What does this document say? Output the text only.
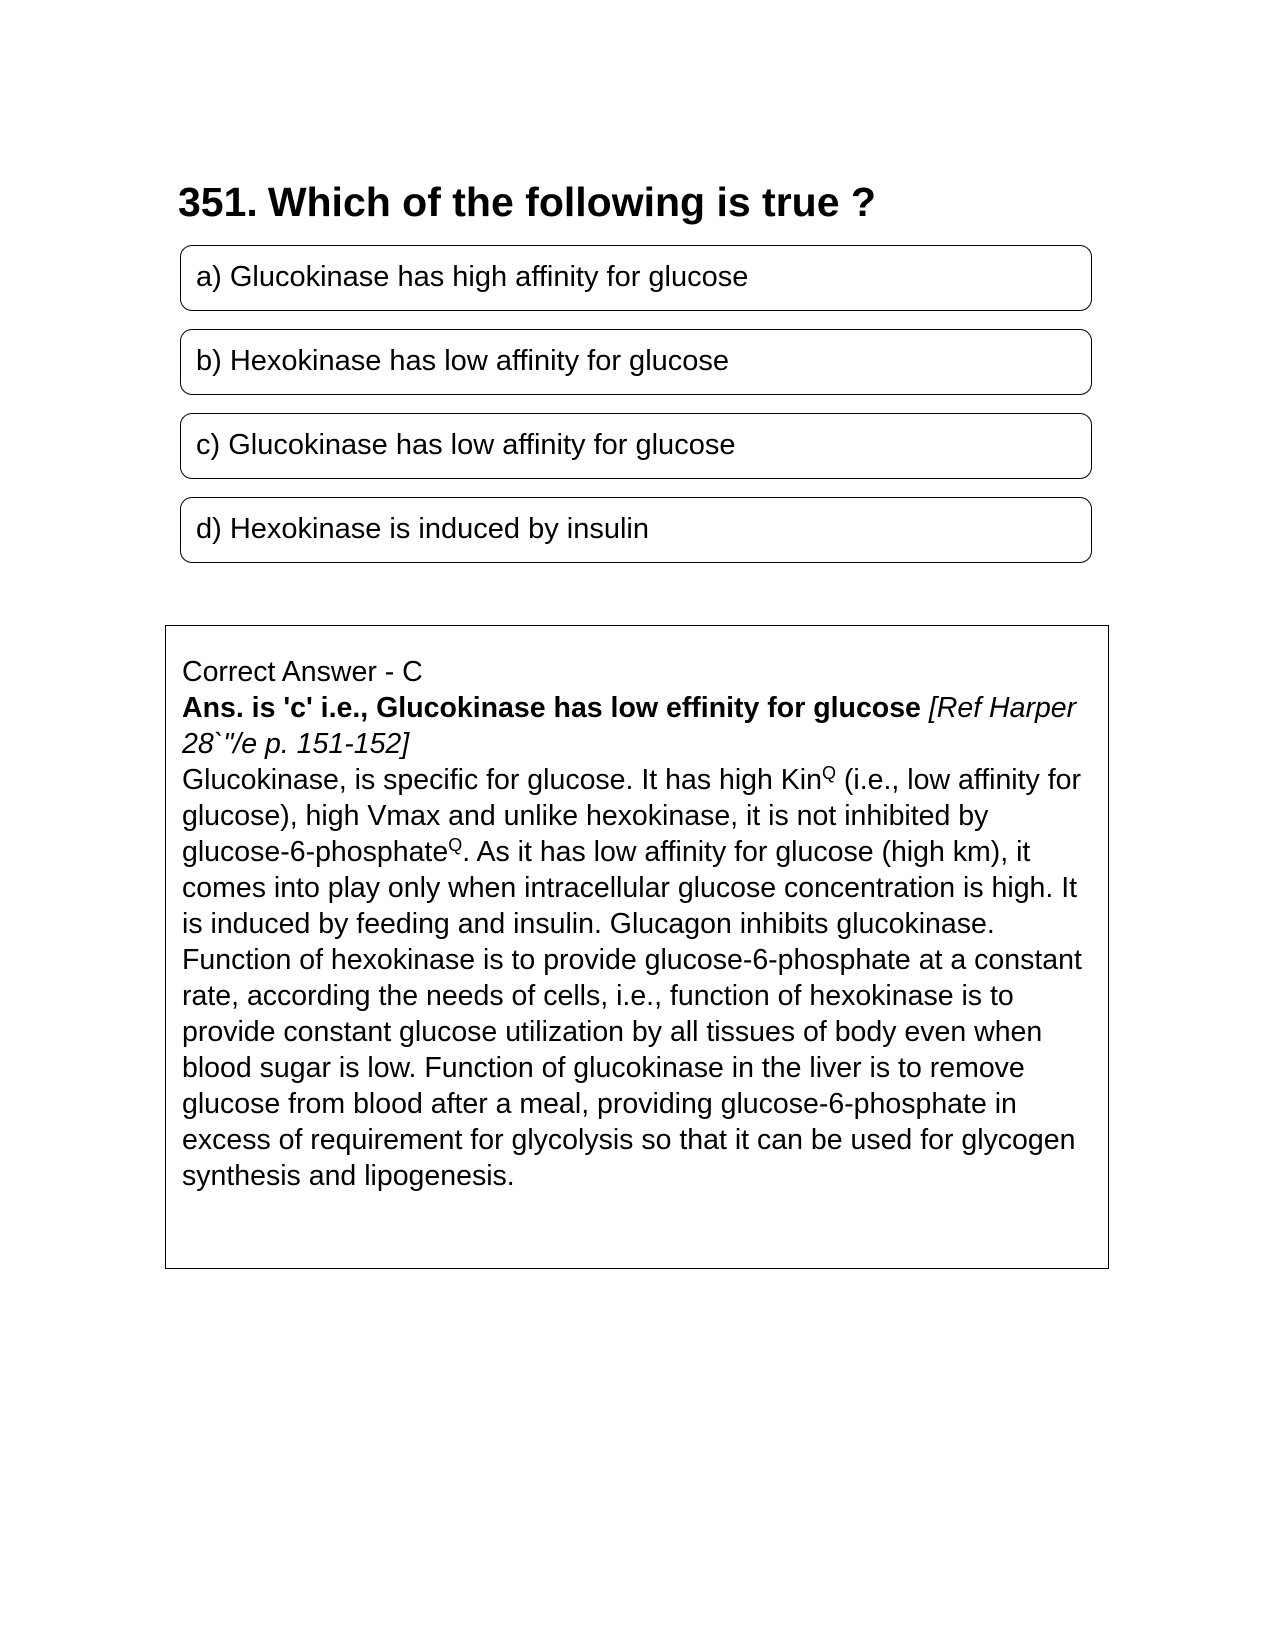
351. Which of the following is true ?
a) Glucokinase has high affinity for glucose
b) Hexokinase has low affinity for glucose
c) Glucokinase has low affinity for glucose
d) Hexokinase is induced by insulin

Correct Answer - C

Ans. is 'c' i.e., Glucokinase has low effinity for glucose [Ref Harper 28`"/e p. 151-152]

Glucokinase, is specific for glucose. It has high Kin$^Q$ (i.e., low affinity for glucose), high Vmax and unlike hexokinase, it is not inhibited by glucose-6-phosphate$^Q$. As it has low affinity for glucose (high km), it comes into play only when intracellular glucose concentration is high. It is induced by feeding and insulin. Glucagon inhibits glucokinase.

Function of hexokinase is to provide glucose-6-phosphate at a constant rate, according the needs of cells, i.e., function of hexokinase is to provide constant glucose utilization by all tissues of body even when blood sugar is low. Function of glucokinase in the liver is to remove glucose from blood after a meal, providing glucose-6-phosphate in excess of requirement for glycolysis so that it can be used for glycogen synthesis and lipogenesis.
